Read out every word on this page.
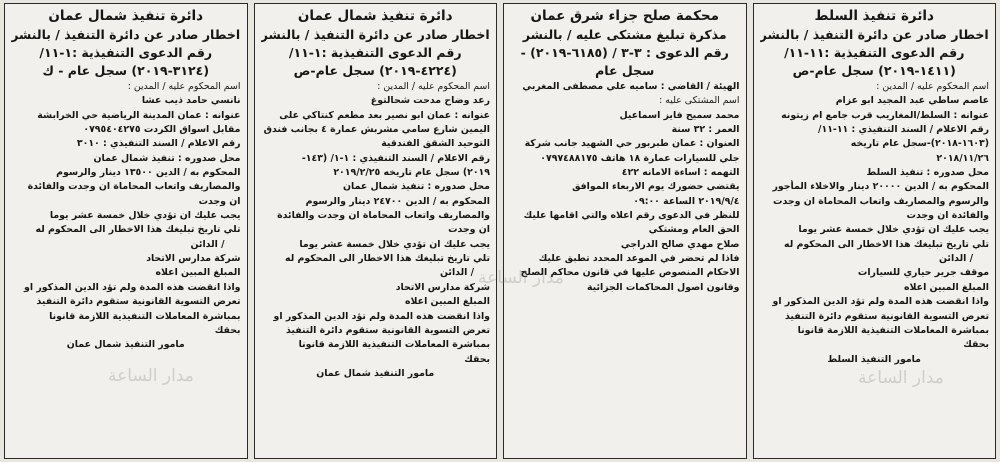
دائرة تنفيذ السلط
اخطار صادر عن دائرة التنفيذ / بالنشر
رقم الدعوى التنفيذية :١١-١١/
(١٤١١-٢٠١٩) سجل عام-ص
اسم المحكوم عليه / المدين :
عاصم ساطي عبد المجيد ابو عزام
عنوانه : السلط/المغاريب قرب جامع ام زيتونه
رقم الاعلام / السند التنفيذي : ١١-١١/
(١٦٠٣-٢٠١٨)-سجل عام تاريخه
٢٠١٨/١١/٢٦
محل صدوره : تنفيذ السلط
المحكوم به / الدين ٢٠٠٠٠ دينار والاخلاء المأجور
والرسوم والمصاريف واتعاب المحاماة ان وجدت
والفائدة ان وجدت
يجب عليك ان تؤدي خلال خمسة عشر يوما
تلي تاريخ تبليغك هذا الاخطار الى المحكوم له
/ الدائن
موقف جرير حياري للسيارات
المبلغ المبين اعلاه
واذا انقضت هذه المدة ولم تؤد الدين المذكور او
تعرض التسوية القانونية ستقوم دائرة التنفيذ
بمباشرة المعاملات التنفيذية اللازمة قانونا
بحقك
مامور التنفيذ السلط
محكمة صلح جزاء شرق عمان
مذكرة تبليغ مشتكى عليه / بالنشر
رقم الدعوى : ٣-٣ / (٦١٨٥-٢٠١٩) -
سجل عام
الهيئة / القاضي : ساميه علي مصطفى المغربي
اسم المشتكى عليه :
محمد سميح فايز اسماعيل
العمر : ٣٢ سنة
العنوان : عمان طبربور حي الشهيد جانب شركة
جلي للسيارات عمارة ١٨ هاتف ٠٧٩٧٤٨٨١٧٥
التهمه : اساءة الامانه ٤٢٢
يقتضي حضورك يوم الاربعاء الموافق
٢٠١٩/٩/٤ الساعة ٠٩:٠٠
للنظر في الدعوى رقم اعلاه والتي اقامها عليك
الحق العام ومشتكي
صلاح مهدي صالح الدراجي
فاذا لم تحضر في الموعد المحدد تطبق عليك
الاحكام المنصوص عليها في قانون محاكم الصلح
وقانون اصول المحاكمات الجزائية
دائرة تنفيذ شمال عمان
اخطار صادر عن دائرة التنفيذ / بالنشر
رقم الدعوى التنفيذية :١-١١/
(٤٢٢٤-٢٠١٩) سجل عام-ص
اسم المحكوم عليه / المدين :
رعد وضاح مدحت شحالتوغ
عنوانه : عمان ابو نصير بعد مطعم كنتاكي على
اليمين شارع سامي مشربش عمارة ٤ بجانب فندق
التوحيد الشقق الفندقية
رقم الاعلام / السند التنفيذي : ١-١/ (١٤٣-
٢٠١٩) سجل عام تاريخه ٢٠١٩/٢/٢٥
محل صدوره : تنفيذ شمال عمان
المحكوم به / الدين ٢٤٧٠٠ دينار والرسوم
والمصاريف واتعاب المحاماة ان وجدت والفائدة
ان وجدت
يجب عليك ان تؤدي خلال خمسة عشر يوما
تلي تاريخ تبليغك هذا الاخطار الى المحكوم له
/ الدائن
شركة مدارس الاتحاد
المبلغ المبين اعلاه
واذا انقضت هذه المدة ولم تؤد الدين المذكور او
تعرض التسوية القانونية ستقوم دائرة التنفيذ
بمباشرة المعاملات التنفيذية اللازمة قانونا
بحقك
مامور التنفيذ شمال عمان
دائرة تنفيذ شمال عمان
اخطار صادر عن دائرة التنفيذ / بالنشر
رقم الدعوى التنفيذية :١-١١/
(٣١٢٤-٢٠١٩) سجل عام - ك
اسم المحكوم عليه / المدين :
نانسي حامد ذيب عشا
عنوانه : عمان المدينة الرياضية حي الخرابشة
مقابل اسواق الكردت ٠٧٩٥٤٠٤٢٧٥
رقم الاعلام / السند التنفيذي : ٣٠١٠
محل صدوره : تنفيذ شمال عمان
المحكوم به / الدين ١٣٥٠٠ دينار والرسوم
والمصاريف واتعاب المحاماة ان وجدت والفائدة
ان وجدت
يجب عليك ان تؤدي خلال خمسة عشر يوما
تلي تاريخ تبليغك هذا الاخطار الى المحكوم له
/ الدائن
شركة مدارس الاتحاد
المبلغ المبين اعلاه
واذا انقضت هذه المدة ولم تؤد الدين المذكور او
تعرض التسوية القانونية ستقوم دائرة التنفيذ
بمباشرة المعاملات التنفيذية اللازمة قانونا
بحقك
مامور التنفيذ شمال عمان
مدار الساعة
مدار الساعة
مدار الساعة
